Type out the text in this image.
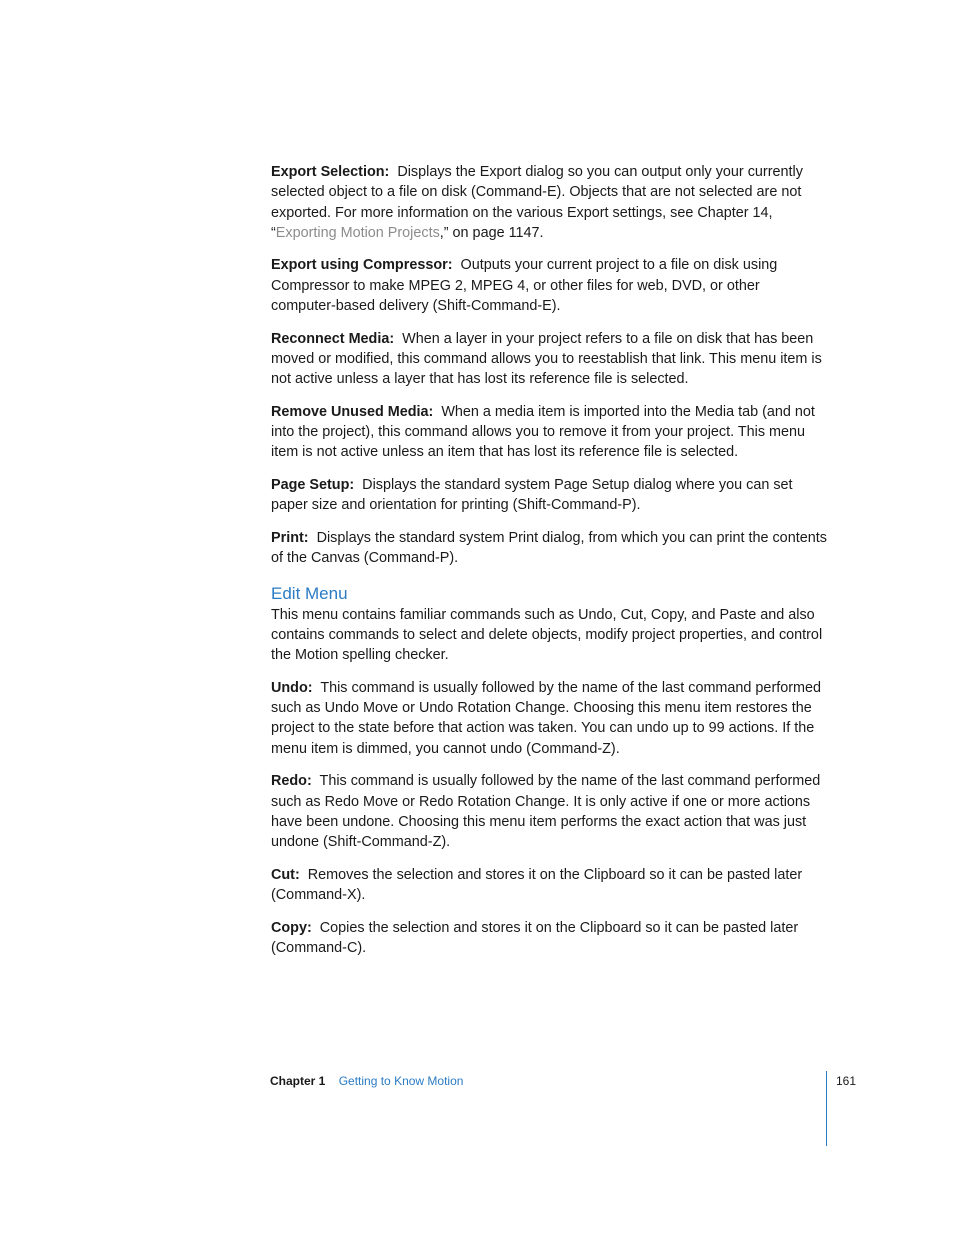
Export Selection: Displays the Export dialog so you can output only your currently selected object to a file on disk (Command-E). Objects that are not selected are not exported. For more information on the various Export settings, see Chapter 14, “Exporting Motion Projects,” on page 1147.

Export using Compressor: Outputs your current project to a file on disk using Compressor to make MPEG 2, MPEG 4, or other files for web, DVD, or other computer-based delivery (Shift-Command-E).

Reconnect Media: When a layer in your project refers to a file on disk that has been moved or modified, this command allows you to reestablish that link. This menu item is not active unless a layer that has lost its reference file is selected.

Remove Unused Media: When a media item is imported into the Media tab (and not into the project), this command allows you to remove it from your project. This menu item is not active unless an item that has lost its reference file is selected.

Page Setup: Displays the standard system Page Setup dialog where you can set paper size and orientation for printing (Shift-Command-P).

Print: Displays the standard system Print dialog, from which you can print the contents of the Canvas (Command-P).

Edit Menu

This menu contains familiar commands such as Undo, Cut, Copy, and Paste and also contains commands to select and delete objects, modify project properties, and control the Motion spelling checker.

Undo: This command is usually followed by the name of the last command performed such as Undo Move or Undo Rotation Change. Choosing this menu item restores the project to the state before that action was taken. You can undo up to 99 actions. If the menu item is dimmed, you cannot undo (Command-Z).

Redo: This command is usually followed by the name of the last command performed such as Redo Move or Redo Rotation Change. It is only active if one or more actions have been undone. Choosing this menu item performs the exact action that was just undone (Shift-Command-Z).

Cut: Removes the selection and stores it on the Clipboard so it can be pasted later (Command-X).

Copy: Copies the selection and stores it on the Clipboard so it can be pasted later (Command-C).

Chapter 1 Getting to Know Motion	161
